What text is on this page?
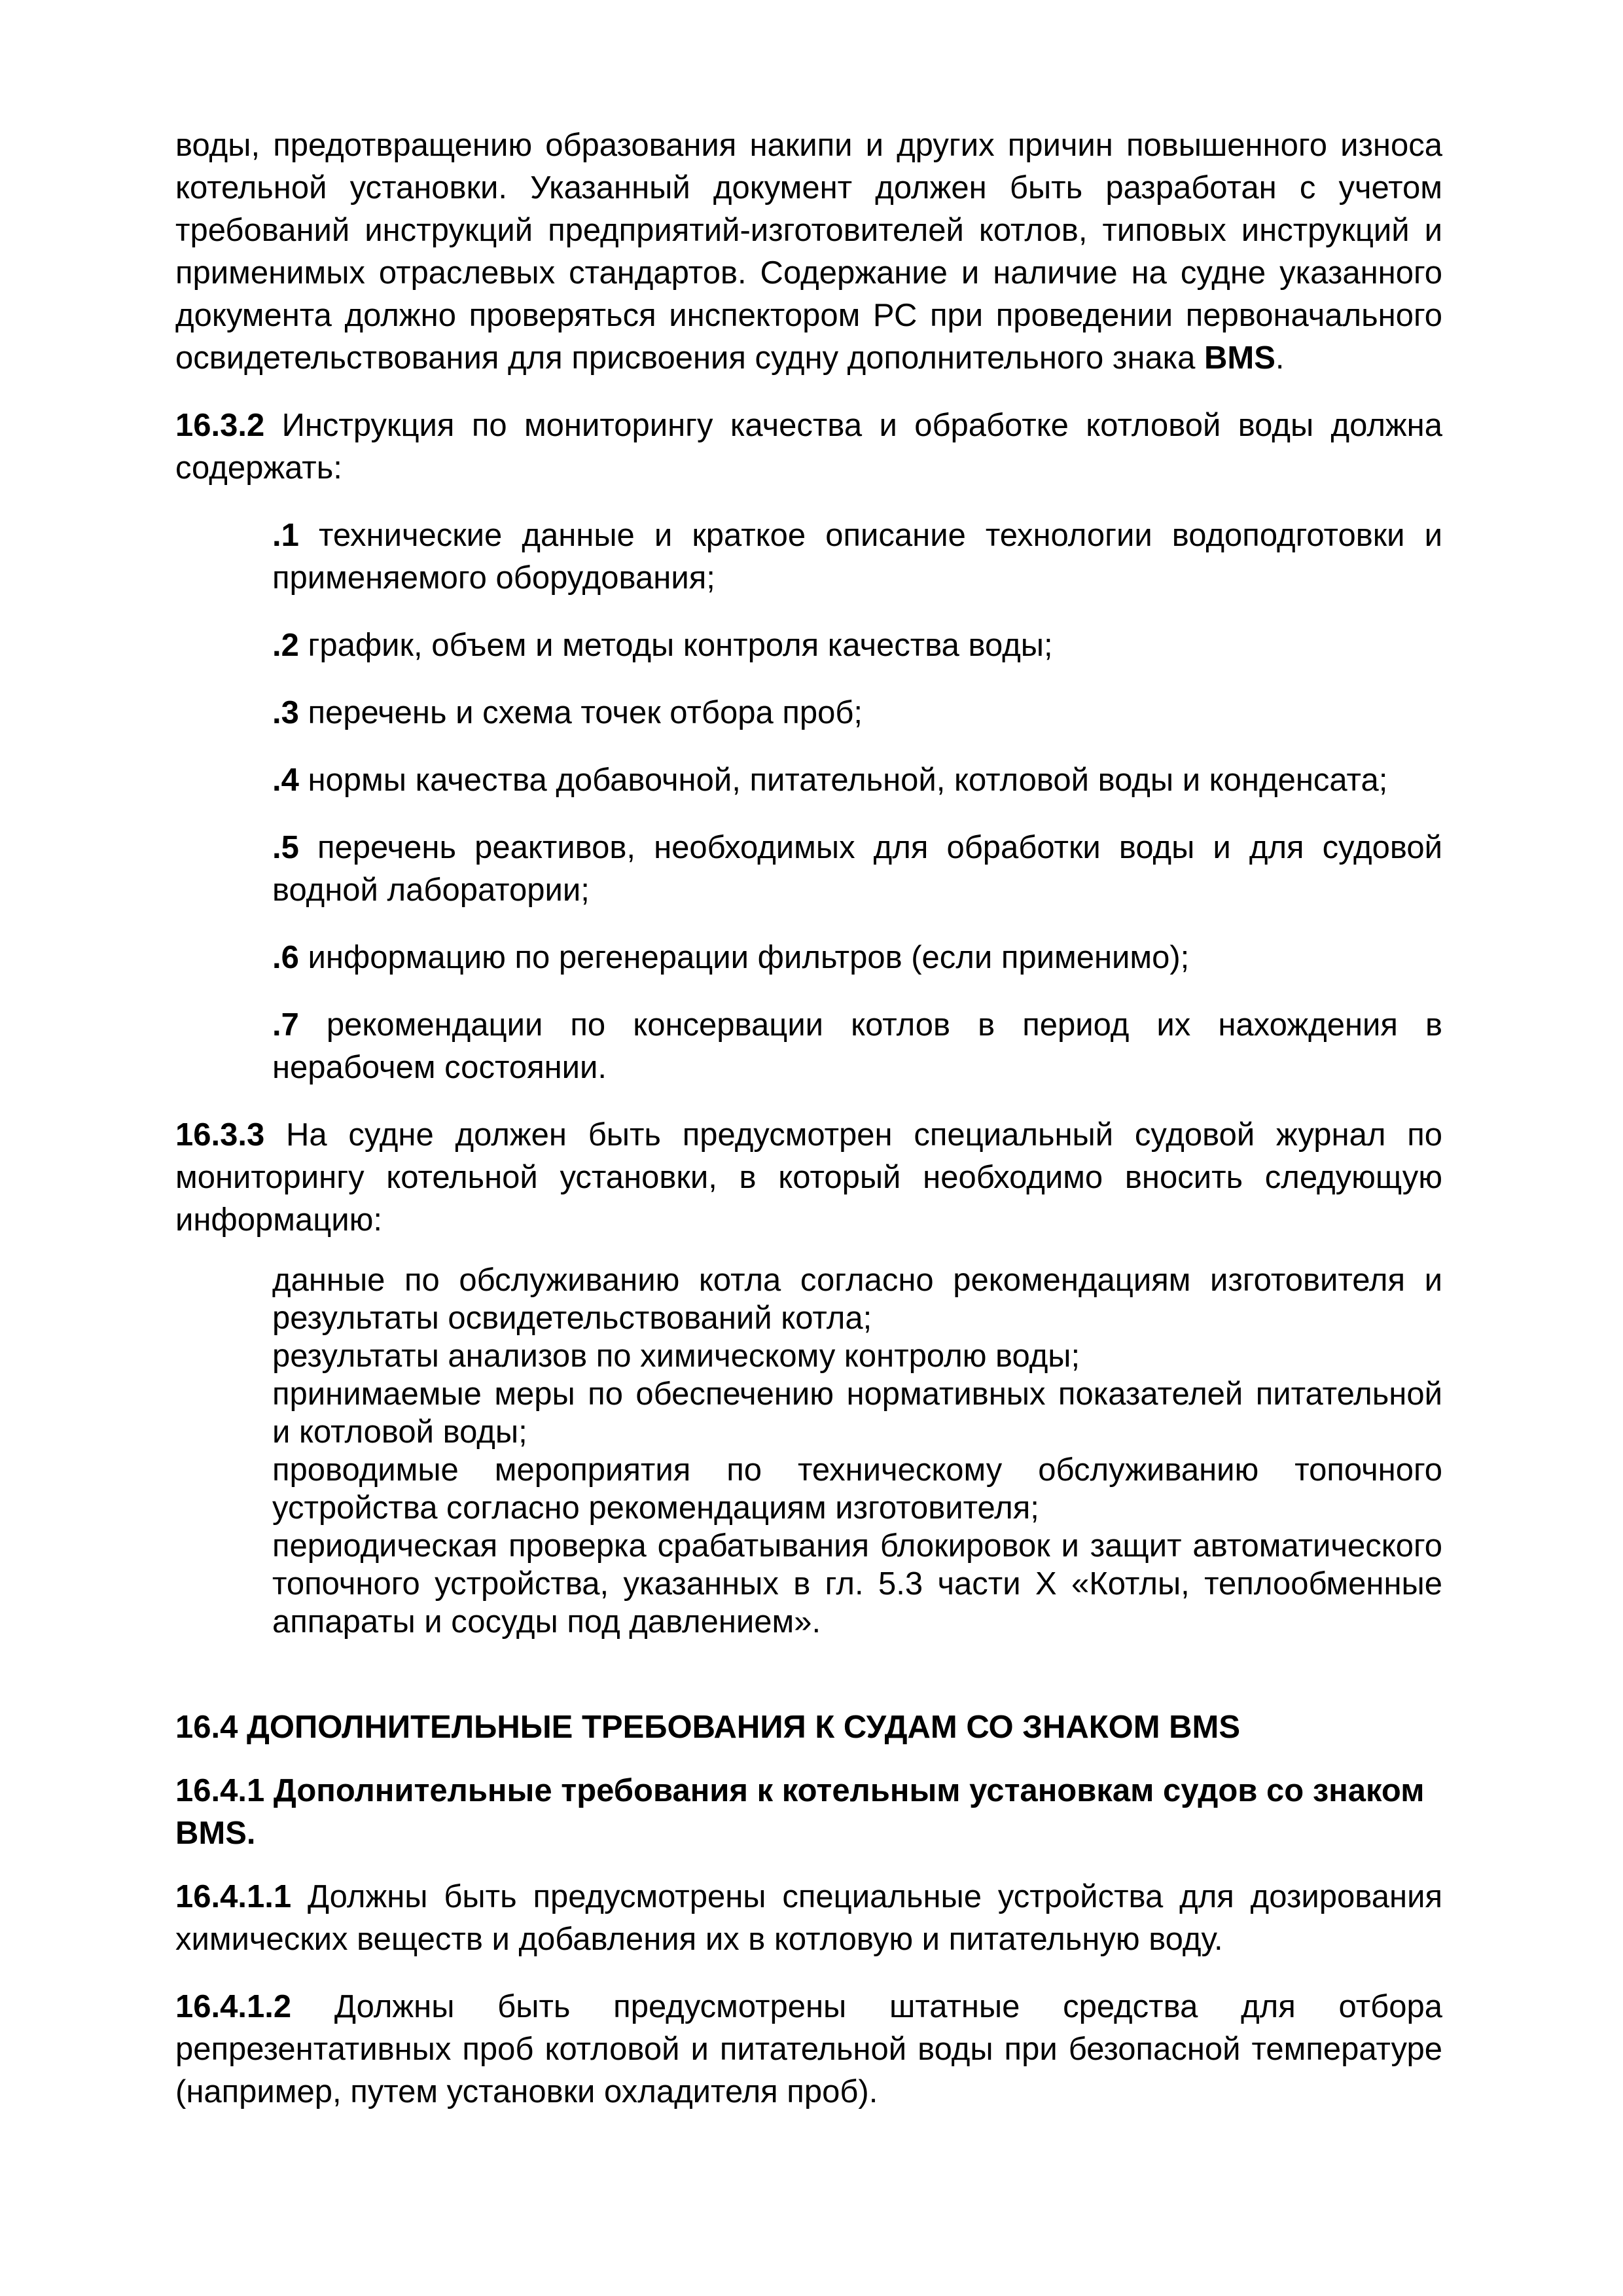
воды, предотвращению образования накипи и других причин повышенного износа котельной установки. Указанный документ должен быть разработан с учетом требований инструкций предприятий-изготовителей котлов, типовых инструкций и применимых отраслевых стандартов. Содержание и наличие на судне указанного документа должно проверяться инспектором РС при проведении первоначального освидетельствования для присвоения судну дополнительного знака BMS.

16.3.2 Инструкция по мониторингу качества и обработке котловой воды должна содержать:

.1 технические данные и краткое описание технологии водоподготовки и применяемого оборудования;

.2 график, объем и методы контроля качества воды;

.3 перечень и схема точек отбора проб;

.4 нормы качества добавочной, питательной, котловой воды и конденсата;

.5 перечень реактивов, необходимых для обработки воды и для судовой водной лаборатории;

.6 информацию по регенерации фильтров (если применимо);

.7 рекомендации по консервации котлов в период их нахождения в нерабочем состоянии.

16.3.3 На судне должен быть предусмотрен специальный судовой журнал по мониторингу котельной установки, в который необходимо вносить следующую информацию:

данные по обслуживанию котла согласно рекомендациям изготовителя и результаты освидетельствований котла;

результаты анализов по химическому контролю воды;

принимаемые меры по обеспечению нормативных показателей питательной и котловой воды;

проводимые мероприятия по техническому обслуживанию топочного устройства согласно рекомендациям изготовителя;

периодическая проверка срабатывания блокировок и защит автоматического топочного устройства, указанных в гл. 5.3 части X «Котлы, теплообменные аппараты и сосуды под давлением».

16.4 ДОПОЛНИТЕЛЬНЫЕ ТРЕБОВАНИЯ К СУДАМ СО ЗНАКОМ BMS

16.4.1 Дополнительные требования к котельным установкам судов со знаком BMS.

16.4.1.1 Должны быть предусмотрены специальные устройства для дозирования химических веществ и добавления их в котловую и питательную воду.

16.4.1.2 Должны быть предусмотрены штатные средства для отбора репрезентативных проб котловой и питательной воды при безопасной температуре (например, путем установки охладителя проб).
